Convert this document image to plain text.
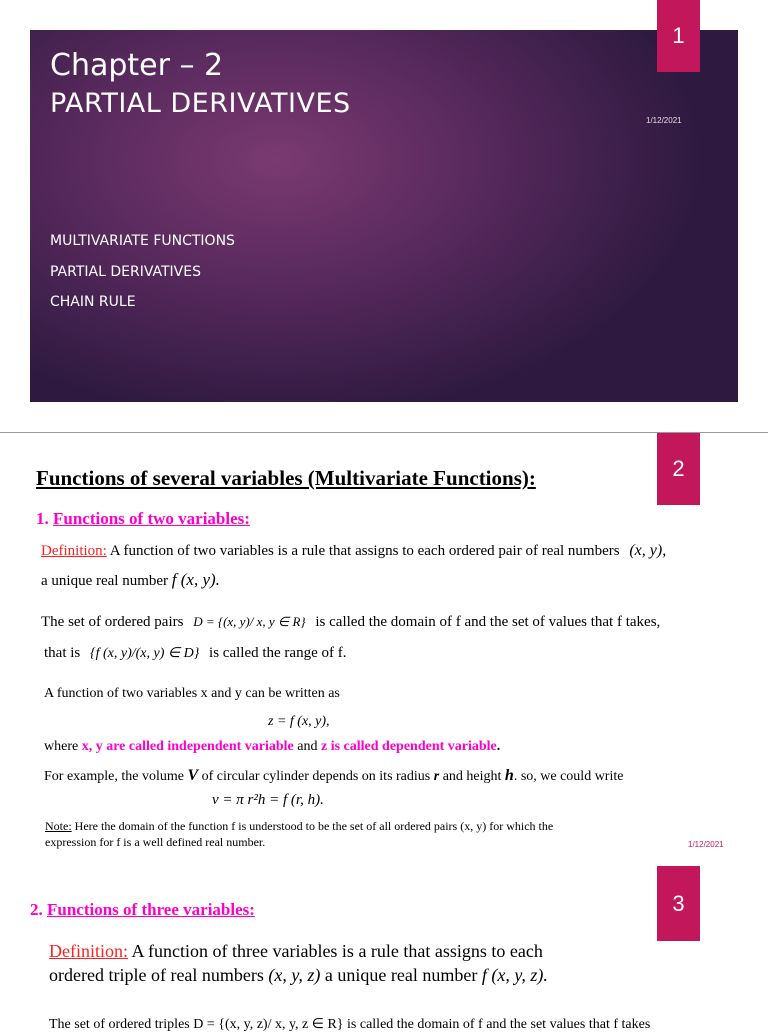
1
Chapter – 2
PARTIAL DERIVATIVES
1/12/2021
MULTIVARIATE FUNCTIONS
PARTIAL DERIVATIVES
CHAIN RULE
2
Functions of several variables (Multivariate Functions):
1. Functions of two variables:
Definition: A function of two variables is a rule that assigns to each ordered pair of real numbers (x, y),
a unique real number f (x, y).
The set of ordered pairs D = {(x, y)/ x, y ∈ R} is called the domain of f and the set of values that f takes,
that is {f (x, y)/(x, y) ∈ D} is called the range of f.
A function of two variables x and y can be written as
z = f (x, y),
where x, y are called independent variable and z is called dependent variable.
For example, the volume V of circular cylinder depends on its radius r and height h. so, we could write
v = π r²h = f (r, h).
Note: Here the domain of the function f is understood to be the set of all ordered pairs (x, y) for which the
expression for f is a well defined real number.	1/12/2021
3
2. Functions of three variables:
Definition: A function of three variables is a rule that assigns to each
ordered triple of real numbers (x, y, z) a unique real number f (x, y, z).
The set of ordered triples D = {(x, y, z)/ x, y, z ∈ R} is called the domain of f and the set values that f takes
